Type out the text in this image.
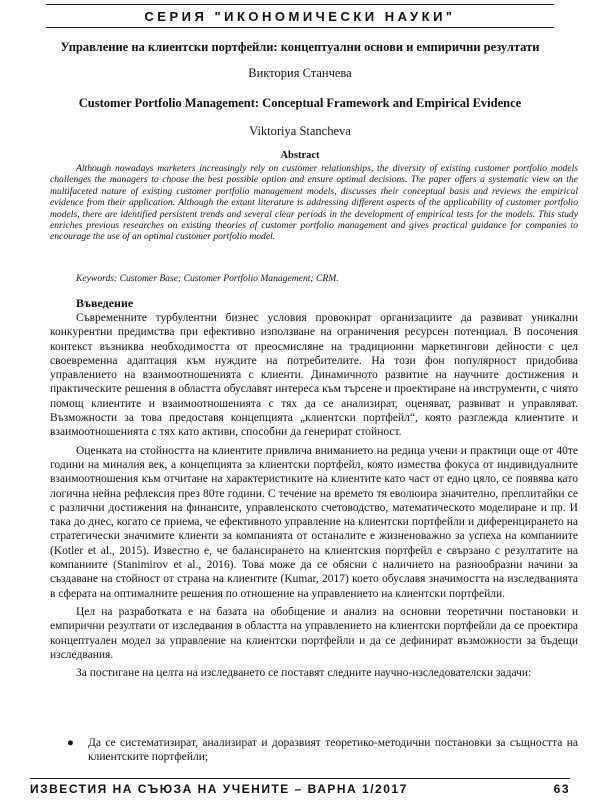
СЕРИЯ "ИКОНОМИЧЕСКИ НАУКИ"
Управление на клиентски портфейли: концептуални основи и емпирични резултати
Виктория Станчева
Customer Portfolio Management: Conceptual Framework and Empirical Evidence
Viktoriya Stancheva
Abstract
Although nowadays marketers increasingly rely on customer relationships, the diversity of existing customer portfolio models challenges the managers to choose the best possible option and ensure optimal decisions. The paper offers a systematic view on the multifaceted nature of existing customer portfolio management models, discusses their conceptual basis and reviews the empirical evidence from their application. Although the extant literature is addressing different aspects of the applicability of customer portfolio models, there are identified persistent trends and several clear periods in the development of empirical tests for the models. This study enriches previous researches on existing theories of customer portfolio management and gives practical guidance for companies to encourage the use of an optimal customer portfolio model.
Keywords: Customer Base; Customer Portfolio Management; CRM.
Въведение

Съвременните турбулентни бизнес условия провокират организациите да развиват уникални конкурентни предимства при ефективно използване на ограничения ресурсен потенциал. В посочения контекст възниква необходимостта от преосмисляне на традиционни маркетингови дейности с цел своевременна адаптация към нуждите на потребителите. На този фон популярност придобива управлението на взаимоотношенията с клиенти. Динамичното развитие на научните достижения и практическите решения в областта обуславят интереса към търсене и проектиране на инструменти, с чиято помощ клиентите и взаимоотношенията с тях да се анализират, оценяват, развиват и управляват. Възможности за това предоставя концепцията „клиентски портфейл“, която разглежда клиентите и взаимоотношенията с тях като активи, способни да генерират стойност.

Оценката на стойността на клиентите привлича вниманието на редица учени и практици още от 40те години на миналия век, а концепцията за клиентски портфейл, която измества фокуса от индивидуалните взаимоотношения към отчитане на характеристиките на клиентите като част от едно цяло, се появява като логична нейна рефлексия през 80те години. С течение на времето тя еволюира значително, преплитайки се с различни достижения на финансите, управленското счетоводство, математическото моделиране и пр. И така до днес, когато се приема, че ефективното управление на клиентски портфейли и диференцирането на стратегически значимите клиенти за компанията от останалите е жизненоважно за успеха на компаниите (Kotler et al., 2015). Известно е, че балансирането на клиентския портфейл е свързано с резултатите на компаниите (Stanimirov et al., 2016). Това може да се обясни с наличието на разнообразни начини за създаване на стойност от страна на клиентите (Kumar, 2017) което обуславя значимостта на изследванията в сферата на оптималните решения по отношение на управлението на клиентски портфейли.

Цел на разработката е на базата на обобщение и анализ на основни теоретични постановки и емпирични резултати от изследвания в областта на управлението на клиентски портфейли да се проектира концептуален модел за управление на клиентски портфейли и да се дефинират възможности за бъдещи изследвания.

За постигане на целта на изследването се поставят следните научно-изследователски задачи:

●	Да се систематизират, анализират и доразвият теоретико-методични постановки за същността на клиентските портфейли;
ИЗВЕСТИЯ НА СЪЮЗА НА УЧЕНИТЕ – ВАРНА 1/2017	63
